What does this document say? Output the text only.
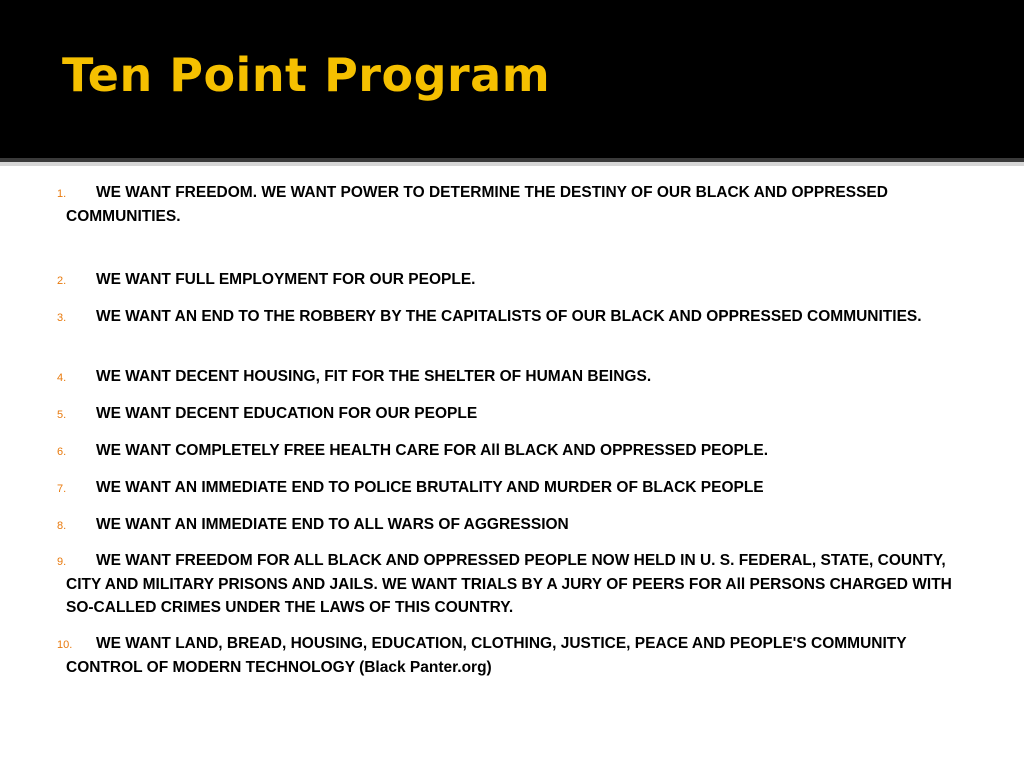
Ten Point Program
1.	WE WANT FREEDOM. WE WANT POWER TO DETERMINE THE DESTINY OF OUR BLACK AND OPPRESSED COMMUNITIES.

2.	WE WANT FULL EMPLOYMENT FOR OUR PEOPLE.

3.	WE WANT AN END TO THE ROBBERY BY THE CAPITALISTS OF OUR BLACK AND OPPRESSED COMMUNITIES.

4.	WE WANT DECENT HOUSING, FIT FOR THE SHELTER OF HUMAN BEINGS.

5.	WE WANT DECENT EDUCATION FOR OUR PEOPLE

6.	WE WANT COMPLETELY FREE HEALTH CARE FOR All BLACK AND OPPRESSED PEOPLE.

7.	WE WANT AN IMMEDIATE END TO POLICE BRUTALITY AND MURDER OF BLACK PEOPLE

8.	WE WANT AN IMMEDIATE END TO ALL WARS OF AGGRESSION

9.	WE WANT FREEDOM FOR ALL BLACK AND OPPRESSED PEOPLE NOW HELD IN U. S. FEDERAL, STATE, COUNTY, CITY AND MILITARY PRISONS AND JAILS. WE WANT TRIALS BY A JURY OF PEERS FOR All PERSONS CHARGED WITH SO-CALLED CRIMES UNDER THE LAWS OF THIS COUNTRY.

10.	WE WANT LAND, BREAD, HOUSING, EDUCATION, CLOTHING, JUSTICE, PEACE AND PEOPLE'S COMMUNITY CONTROL OF MODERN TECHNOLOGY (Black Panter.org)
